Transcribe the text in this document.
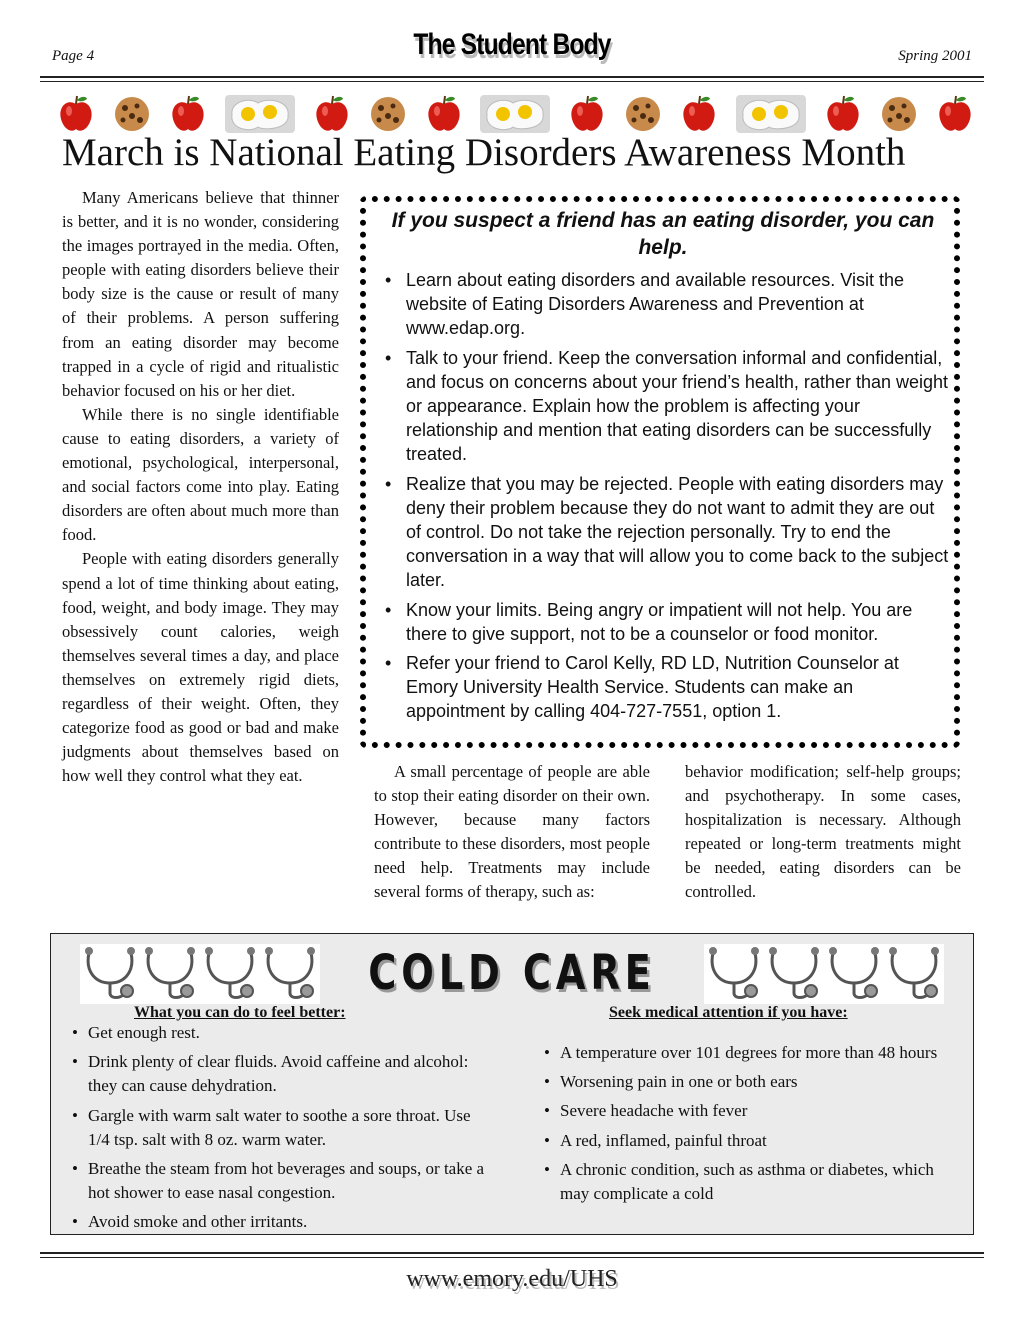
Page 4	The Student Body	Spring 2001
March is National Eating Disorders Awareness Month

Many Americans believe that thinner is better, and it is no wonder, considering the images portrayed in the media. Often, people with eating disorders believe their body size is the cause or result of many of their problems. A person suffering from an eating disorder may become trapped in a cycle of rigid and ritualistic behavior focused on his or her diet.

While there is no single identifiable cause to eating disorders, a variety of emotional, psychological, interpersonal, and social factors come into play. Eating disorders are often about much more than food.

People with eating disorders generally spend a lot of time thinking about eating, food, weight, and body image. They may obsessively count calories, weigh themselves several times a day, and place themselves on extremely rigid diets, regardless of their weight. Often, they categorize food as good or bad and make judgments about themselves based on how well they control what they eat.

If you suspect a friend has an eating disorder, you can help.
• Learn about eating disorders and available resources. Visit the website of Eating Disorders Awareness and Prevention at www.edap.org.
• Talk to your friend. Keep the conversation informal and confidential, and focus on concerns about your friend’s health, rather than weight or appearance. Explain how the problem is affecting your relationship and mention that eating disorders can be successfully treated.
• Realize that you may be rejected. People with eating disorders may deny their problem because they do not want to admit they are out of control. Do not take the rejection personally. Try to end the conversation in a way that will allow you to come back to the subject later.
• Know your limits. Being angry or impatient will not help. You are there to give support, not to be a counselor or food monitor.
• Refer your friend to Carol Kelly, RD LD, Nutrition Counselor at Emory University Health Service. Students can make an appointment by calling 404-727-7551, option 1.

A small percentage of people are able to stop their eating disorder on their own. However, because many factors contribute to these disorders, most people need help. Treatments may include several forms of therapy, such as:

behavior modification; self-help groups; and psychotherapy. In some cases, hospitalization is necessary. Although repeated or long-term treatments might be needed, eating disorders can be controlled.

COLD CARE
What you can do to feel better:	Seek medical attention if you have:
• Get enough rest.
• Drink plenty of clear fluids. Avoid caffeine and alcohol: they can cause dehydration.
• Gargle with warm salt water to soothe a sore throat. Use 1/4 tsp. salt with 8 oz. warm water.
• Breathe the steam from hot beverages and soups, or take a hot shower to ease nasal congestion.
• Avoid smoke and other irritants.
• A temperature over 101 degrees for more than 48 hours
• Worsening pain in one or both ears
• Severe headache with fever
• A red, inflamed, painful throat
• A chronic condition, such as asthma or diabetes, which may complicate a cold
www.emory.edu/UHS
